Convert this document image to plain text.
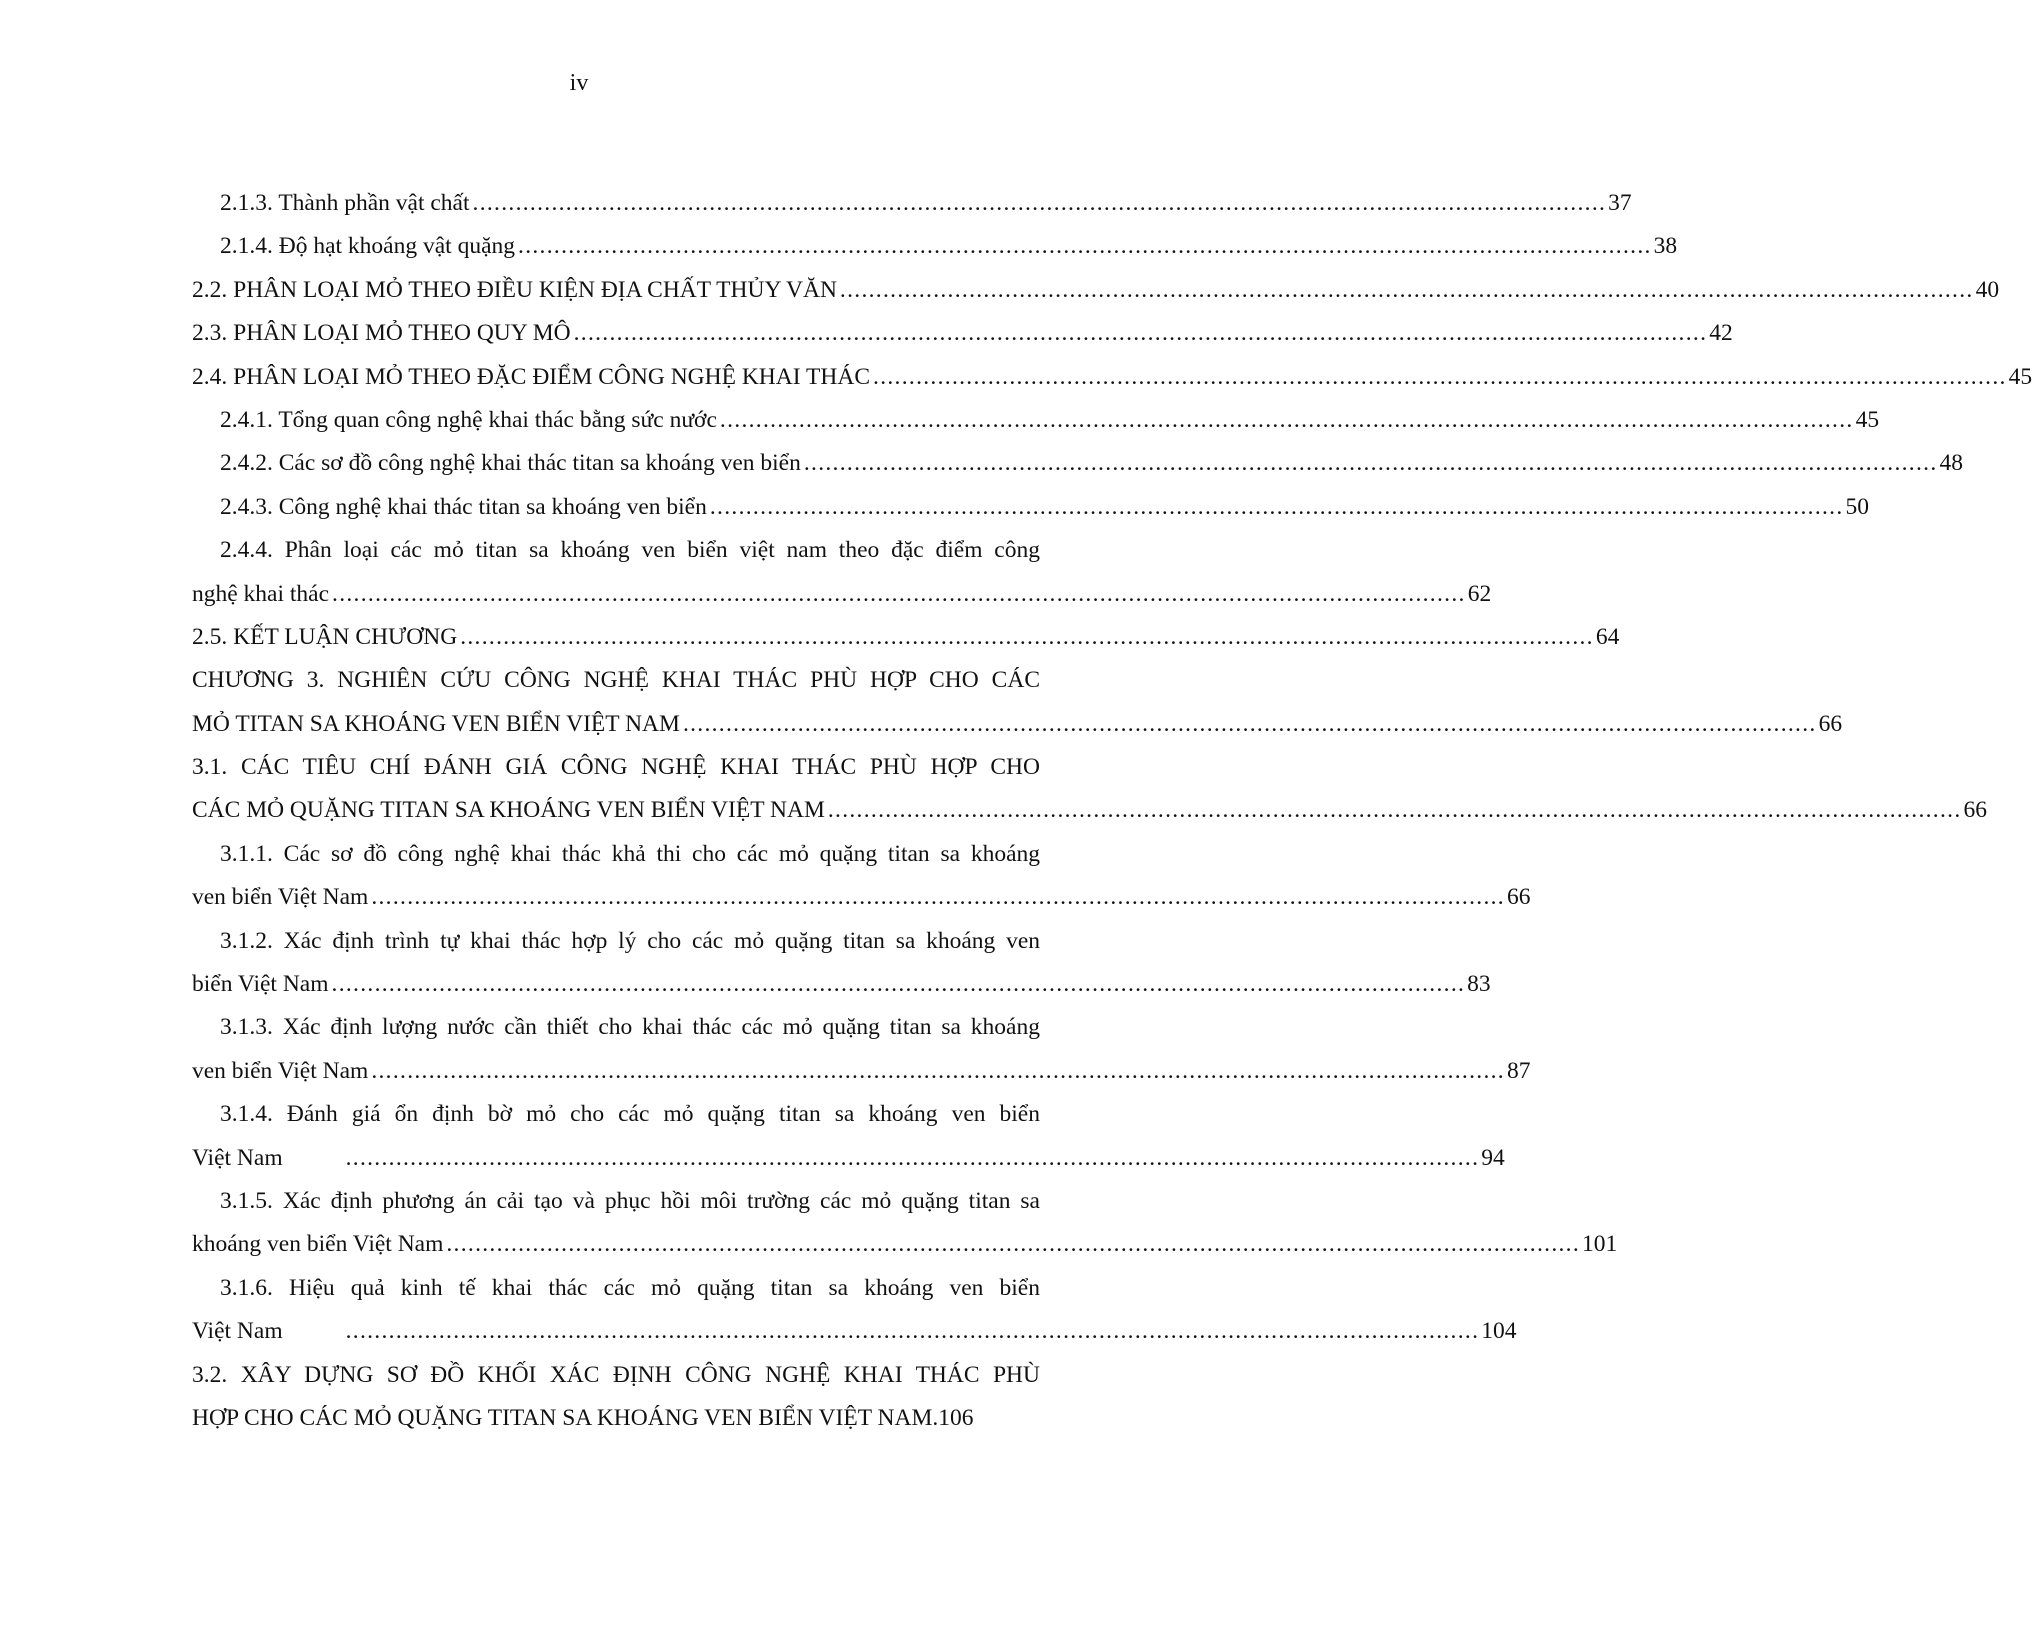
iv
2.1.3. Thành phần vật chất .............................................................................................................................................................. 37
2.1.4. Độ hạt khoáng vật quặng .............................................................................................................................................................. 38
2.2. PHÂN LOẠI MỎ THEO ĐIỀU KIỆN ĐỊA CHẤT THỦY VĂN .............................................................................................................................................................. 40
2.3. PHÂN LOẠI MỎ THEO QUY MÔ .............................................................................................................................................................. 42
2.4. PHÂN LOẠI MỎ THEO ĐẶC ĐIỂM CÔNG NGHỆ KHAI THÁC .............................................................................................................................................................. 45
2.4.1. Tổng quan công nghệ khai thác bằng sức nước .............................................................................................................................................................. 45
2.4.2. Các sơ đồ công nghệ khai thác titan sa khoáng ven biển .............................................................................................................................................................. 48
2.4.3. Công nghệ khai thác titan sa khoáng ven biển .............................................................................................................................................................. 50
2.4.4. Phân loại các mỏ titan sa khoáng ven biển việt nam theo đặc điểm công
nghệ khai thác .............................................................................................................................................................. 62
2.5. KẾT LUẬN CHƯƠNG .............................................................................................................................................................. 64
CHƯƠNG 3. NGHIÊN CỨU CÔNG NGHỆ KHAI THÁC PHÙ HỢP CHO CÁC
MỎ TITAN SA KHOÁNG VEN BIỂN VIỆT NAM .............................................................................................................................................................. 66
3.1. CÁC TIÊU CHÍ ĐÁNH GIÁ CÔNG NGHỆ KHAI THÁC PHÙ HỢP CHO
CÁC MỎ QUẶNG TITAN SA KHOÁNG VEN BIỂN VIỆT NAM .............................................................................................................................................................. 66
3.1.1. Các sơ đồ công nghệ khai thác khả thi cho các mỏ quặng titan sa khoáng
ven biển Việt Nam .............................................................................................................................................................. 66
3.1.2. Xác định trình tự khai thác hợp lý cho các mỏ quặng titan sa khoáng ven
biển Việt Nam .............................................................................................................................................................. 83
3.1.3. Xác định lượng nước cần thiết cho khai thác các mỏ quặng titan sa khoáng
ven biển Việt Nam .............................................................................................................................................................. 87
3.1.4. Đánh giá ổn định bờ mỏ cho các mỏ quặng titan sa khoáng ven biển
Việt Nam	.............................................................................................................................................................. 94
3.1.5. Xác định phương án cải tạo và phục hồi môi trường các mỏ quặng titan sa
khoáng ven biển Việt Nam .............................................................................................................................................................. 101
3.1.6. Hiệu quả kinh tế khai thác các mỏ quặng titan sa khoáng ven biển
Việt Nam	.............................................................................................................................................................. 104
3.2. XÂY DỰNG SƠ ĐỒ KHỐI XÁC ĐỊNH CÔNG NGHỆ KHAI THÁC PHÙ
HỢP CHO CÁC MỎ QUẶNG TITAN SA KHOÁNG VEN BIỂN VIỆT NAM .106
